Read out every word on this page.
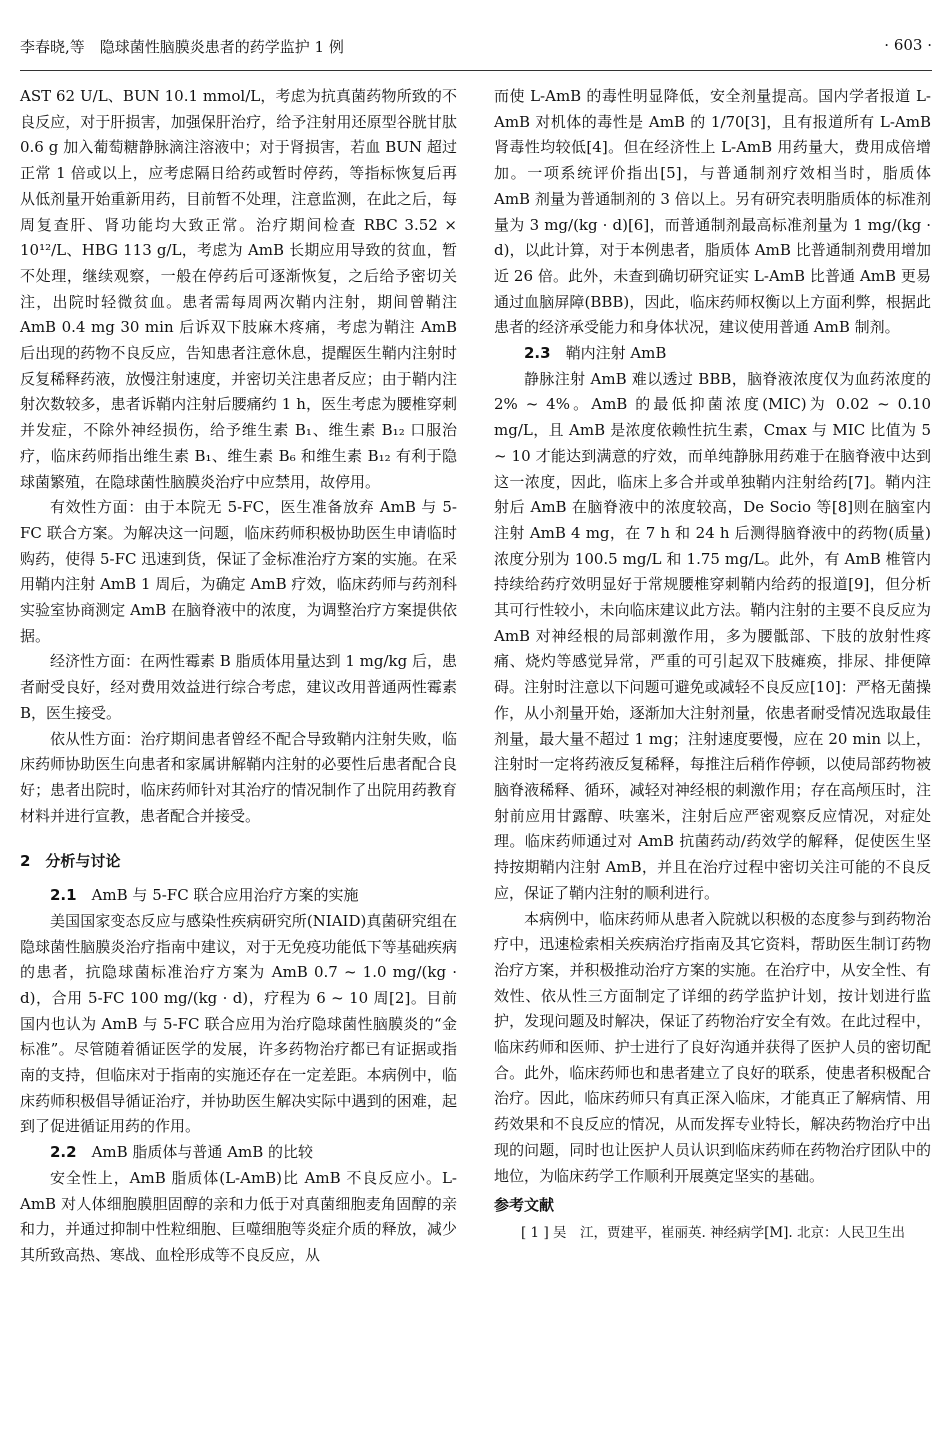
李春晓,等　隐球菌性脑膜炎患者的药学监护 1 例	· 603 ·

AST 62 U/L、BUN 10.1 mmol/L，考虑为抗真菌药物所致的不良反应，对于肝损害，加强保肝治疗，给予注射用还原型谷胱甘肽 0.6 g 加入葡萄糖静脉滴注溶液中；对于肾损害，若血 BUN 超过正常 1 倍或以上，应考虑隔日给药或暂时停药，等指标恢复后再从低剂量开始重新用药，目前暂不处理，注意监测，在此之后，每周复查肝、肾功能均大致正常。治疗期间检查 RBC 3.52 × 10¹²/L、HBG 113 g/L，考虑为 AmB 长期应用导致的贫血，暂不处理，继续观察，一般在停药后可逐渐恢复，之后给予密切关注，出院时轻微贫血。患者需每周两次鞘内注射，期间曾鞘注 AmB 0.4 mg 30 min 后诉双下肢麻木疼痛，考虑为鞘注 AmB 后出现的药物不良反应，告知患者注意休息，提醒医生鞘内注射时反复稀释药液，放慢注射速度，并密切关注患者反应；由于鞘内注射次数较多，患者诉鞘内注射后腰痛约 1 h，医生考虑为腰椎穿刺并发症，不除外神经损伤，给予维生素 B₁、维生素 B₁₂ 口服治疗，临床药师指出维生素 B₁、维生素 B₆ 和维生素 B₁₂ 有利于隐球菌繁殖，在隐球菌性脑膜炎治疗中应禁用，故停用。

有效性方面：由于本院无 5-FC，医生准备放弃 AmB 与 5-FC 联合方案。为解决这一问题，临床药师积极协助医生申请临时购药，使得 5-FC 迅速到货，保证了金标准治疗方案的实施。在采用鞘内注射 AmB 1 周后，为确定 AmB 疗效，临床药师与药剂科实验室协商测定 AmB 在脑脊液中的浓度，为调整治疗方案提供依据。

经济性方面：在两性霉素 B 脂质体用量达到 1 mg/kg 后，患者耐受良好，经对费用效益进行综合考虑，建议改用普通两性霉素 B，医生接受。

依从性方面：治疗期间患者曾经不配合导致鞘内注射失败，临床药师协助医生向患者和家属讲解鞘内注射的必要性后患者配合良好；患者出院时，临床药师针对其治疗的情况制作了出院用药教育材料并进行宣教，患者配合并接受。

2　分析与讨论

2.1　AmB 与 5-FC 联合应用治疗方案的实施

美国国家变态反应与感染性疾病研究所(NIAID)真菌研究组在隐球菌性脑膜炎治疗指南中建议，对于无免疫功能低下等基础疾病的患者，抗隐球菌标准治疗方案为 AmB 0.7 ~ 1.0 mg/(kg · d)，合用 5-FC 100 mg/(kg · d)，疗程为 6 ~ 10 周[2]。目前国内也认为 AmB 与 5-FC 联合应用为治疗隐球菌性脑膜炎的“金标准”。尽管随着循证医学的发展，许多药物治疗都已有证据或指南的支持，但临床对于指南的实施还存在一定差距。本病例中，临床药师积极倡导循证治疗，并协助医生解决实际中遇到的困难，起到了促进循证用药的作用。

2.2　AmB 脂质体与普通 AmB 的比较

安全性上，AmB 脂质体(L-AmB)比 AmB 不良反应小。L-AmB 对人体细胞膜胆固醇的亲和力低于对真菌细胞麦角固醇的亲和力，并通过抑制中性粒细胞、巨噬细胞等炎症介质的释放，减少其所致高热、寒战、血栓形成等不良反应，从

而使 L-AmB 的毒性明显降低，安全剂量提高。国内学者报道 L-AmB 对机体的毒性是 AmB 的 1/70[3]，且有报道所有 L-AmB 肾毒性均较低[4]。但在经济性上 L-AmB 用药量大，费用成倍增加。一项系统评价指出[5]，与普通制剂疗效相当时，脂质体 AmB 剂量为普通制剂的 3 倍以上。另有研究表明脂质体的标准剂量为 3 mg/(kg · d)[6]，而普通制剂最高标准剂量为 1 mg/(kg · d)，以此计算，对于本例患者，脂质体 AmB 比普通制剂费用增加近 26 倍。此外，未查到确切研究证实 L-AmB 比普通 AmB 更易通过血脑屏障(BBB)，因此，临床药师权衡以上方面利弊，根据此患者的经济承受能力和身体状况，建议使用普通 AmB 制剂。

2.3　鞘内注射 AmB

静脉注射 AmB 难以透过 BBB，脑脊液浓度仅为血药浓度的 2% ~ 4%。AmB 的最低抑菌浓度(MIC)为 0.02 ~ 0.10 mg/L，且 AmB 是浓度依赖性抗生素，Cmax 与 MIC 比值为 5 ~ 10 才能达到满意的疗效，而单纯静脉用药难于在脑脊液中达到这一浓度，因此，临床上多合并或单独鞘内注射给药[7]。鞘内注射后 AmB 在脑脊液中的浓度较高，De Socio 等[8]则在脑室内注射 AmB 4 mg，在 7 h 和 24 h 后测得脑脊液中的药物(质量)浓度分别为 100.5 mg/L 和 1.75 mg/L。此外，有 AmB 椎管内持续给药疗效明显好于常规腰椎穿刺鞘内给药的报道[9]，但分析其可行性较小，未向临床建议此方法。鞘内注射的主要不良反应为 AmB 对神经根的局部刺激作用，多为腰骶部、下肢的放射性疼痛、烧灼等感觉异常，严重的可引起双下肢瘫痪，排尿、排便障碍。注射时注意以下问题可避免或减轻不良反应[10]：严格无菌操作，从小剂量开始，逐渐加大注射剂量，依患者耐受情况选取最佳剂量，最大量不超过 1 mg；注射速度要慢，应在 20 min 以上，注射时一定将药液反复稀释，每推注后稍作停顿，以使局部药物被脑脊液稀释、循环，减轻对神经根的刺激作用；存在高颅压时，注射前应用甘露醇、呋塞米，注射后应严密观察反应情况，对症处理。临床药师通过对 AmB 抗菌药动/药效学的解释，促使医生坚持按期鞘内注射 AmB，并且在治疗过程中密切关注可能的不良反应，保证了鞘内注射的顺利进行。

本病例中，临床药师从患者入院就以积极的态度参与到药物治疗中，迅速检索相关疾病治疗指南及其它资料，帮助医生制订药物治疗方案，并积极推动治疗方案的实施。在治疗中，从安全性、有效性、依从性三方面制定了详细的药学监护计划，按计划进行监护，发现问题及时解决，保证了药物治疗安全有效。在此过程中，临床药师和医师、护士进行了良好沟通并获得了医护人员的密切配合。此外，临床药师也和患者建立了良好的联系，使患者积极配合治疗。因此，临床药师只有真正深入临床，才能真正了解病情、用药效果和不良反应的情况，从而发挥专业特长，解决药物治疗中出现的问题，同时也让医护人员认识到临床药师在药物治疗团队中的地位，为临床药学工作顺利开展奠定坚实的基础。

参考文献

[ 1 ] 吴　江，贾建平，崔丽英. 神经病学[M]. 北京：人民卫生出
